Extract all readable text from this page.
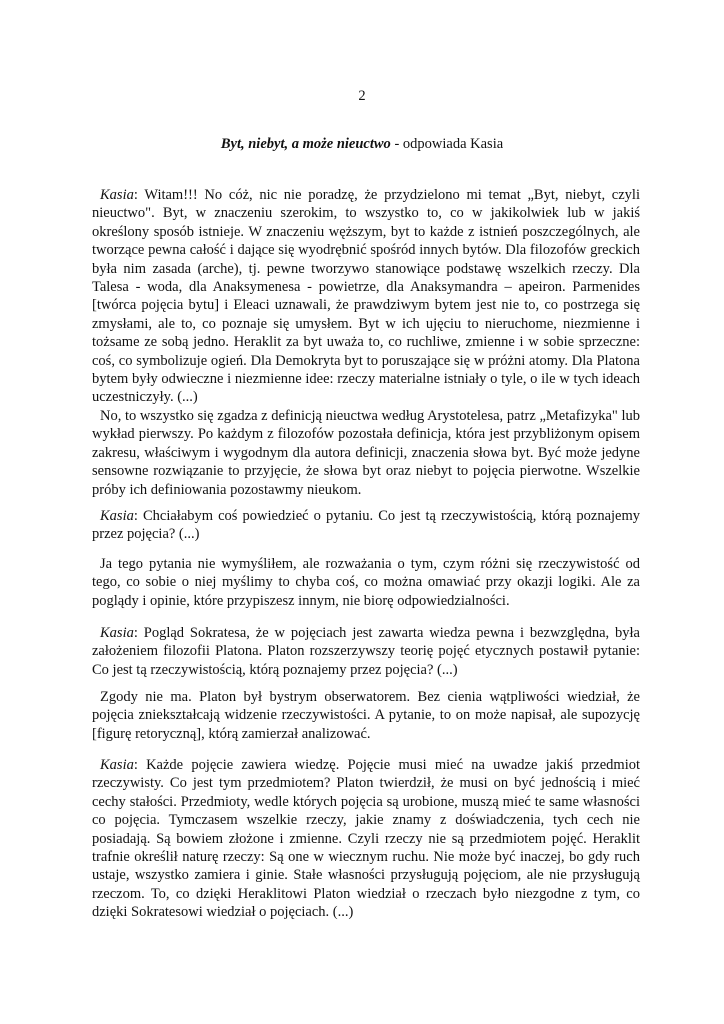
2
Byt, niebyt, a może nieuctwo - odpowiada Kasia

Kasia: Witam!!! No cóż, nic nie poradzę, że przydzielono mi temat „Byt, niebyt, czyli nieuctwo". Byt, w znaczeniu szerokim, to wszystko to, co w jakikolwiek lub w jakiś określony sposób istnieje. W znaczeniu węższym, byt to każde z istnień poszczególnych, ale tworzące pewna całość i dające się wyodrębnić spośród innych bytów. Dla filozofów greckich była nim zasada (arche), tj. pewne tworzywo stanowiące podstawę wszelkich rzeczy. Dla Talesa - woda, dla Anaksymenesa - powietrze, dla Anaksymandra – apeiron. Parmenides [twórca pojęcia bytu] i Eleaci uznawali, że prawdziwym bytem jest nie to, co postrzega się zmysłami, ale to, co poznaje się umysłem. Byt w ich ujęciu to nieruchome, niezmienne i tożsame ze sobą jedno. Heraklit za byt uważa to, co ruchliwe, zmienne i w sobie sprzeczne: coś, co symbolizuje ogień. Dla Demokryta byt to poruszające się w próżni atomy. Dla Platona bytem były odwieczne i niezmienne idee: rzeczy materialne istniały o tyle, o ile w tych ideach uczestniczyły. (...)

No, to wszystko się zgadza z definicją nieuctwa według Arystotelesa, patrz „Metafizyka" lub wykład pierwszy. Po każdym z filozofów pozostała definicja, która jest przybliżonym opisem zakresu, właściwym i wygodnym dla autora definicji, znaczenia słowa byt. Być może jedyne sensowne rozwiązanie to przyjęcie, że słowa byt oraz niebyt to pojęcia pierwotne. Wszelkie próby ich definiowania pozostawmy nieukom.

Kasia: Chciałabym coś powiedzieć o pytaniu. Co jest tą rzeczywistością, którą poznajemy przez pojęcia? (...)

Ja tego pytania nie wymyśliłem, ale rozważania o tym, czym różni się rzeczywistość od tego, co sobie o niej myślimy to chyba coś, co można omawiać przy okazji logiki. Ale za poglądy i opinie, które przypiszesz innym, nie biorę odpowiedzialności.

Kasia: Pogląd Sokratesa, że w pojęciach jest zawarta wiedza pewna i bezwzględna, była założeniem filozofii Platona. Platon rozszerzywszy teorię pojęć etycznych postawił pytanie: Co jest tą rzeczywistością, którą poznajemy przez pojęcia? (...)

Zgody nie ma. Platon był bystrym obserwatorem. Bez cienia wątpliwości wiedział, że pojęcia zniekształcają widzenie rzeczywistości. A pytanie, to on może napisał, ale supozycję [figurę retoryczną], którą zamierzał analizować.

Kasia: Każde pojęcie zawiera wiedzę. Pojęcie musi mieć na uwadze jakiś przedmiot rzeczywisty. Co jest tym przedmiotem? Platon twierdził, że musi on być jednością i mieć cechy stałości. Przedmioty, wedle których pojęcia są urobione, muszą mieć te same własności co pojęcia. Tymczasem wszelkie rzeczy, jakie znamy z doświadczenia, tych cech nie posiadają. Są bowiem złożone i zmienne. Czyli rzeczy nie są przedmiotem pojęć. Heraklit trafnie określił naturę rzeczy: Są one w wiecznym ruchu. Nie może być inaczej, bo gdy ruch ustaje, wszystko zamiera i ginie. Stałe własności przysługują pojęciom, ale nie przysługują rzeczom. To, co dzięki Heraklitowi Platon wiedział o rzeczach było niezgodne z tym, co dzięki Sokratesowi wiedział o pojęciach. (...)
